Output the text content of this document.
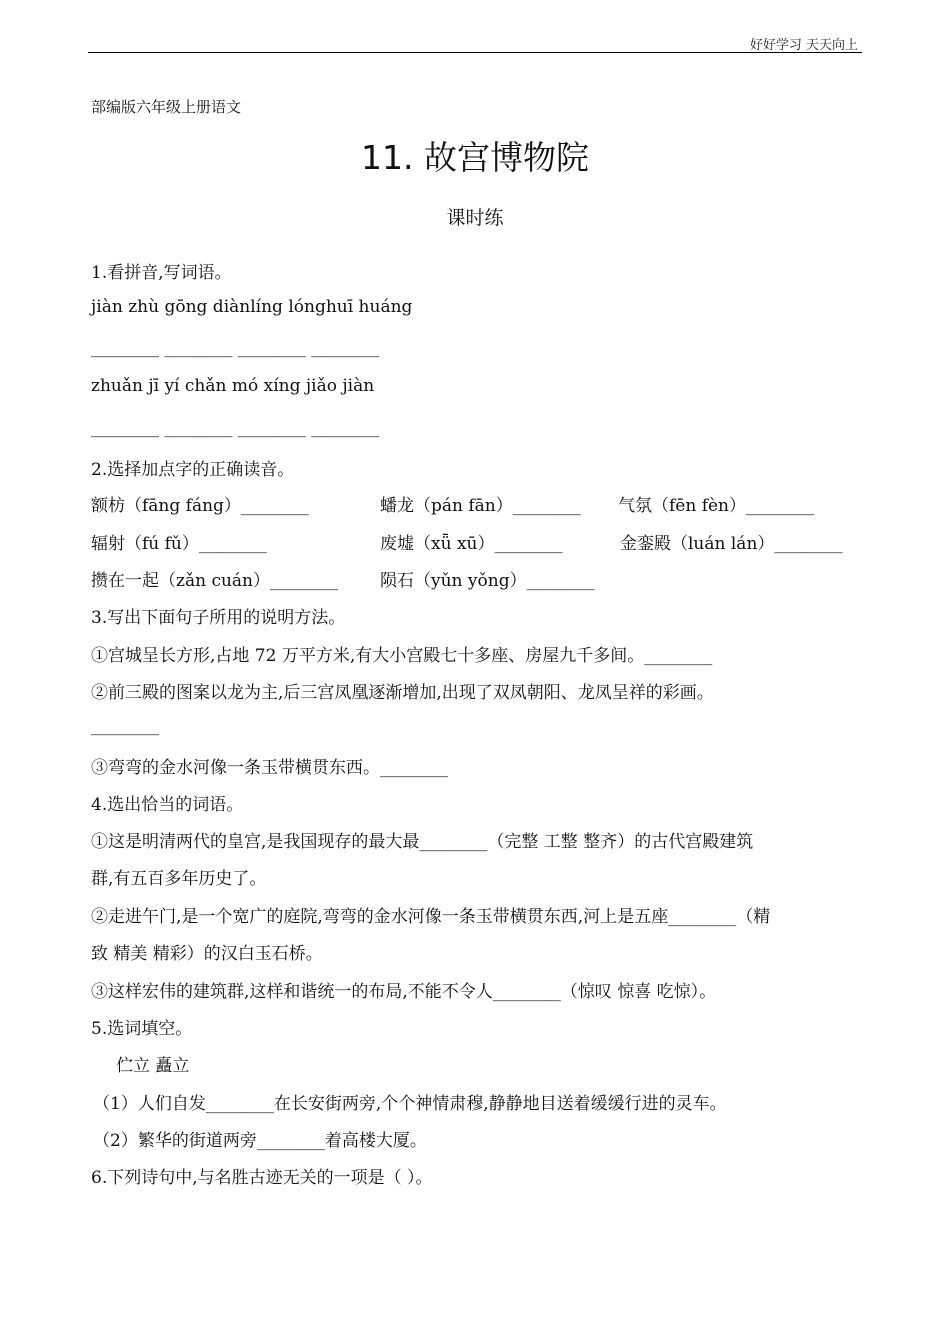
好好学习 天天向上
部编版六年级上册语文
11. 故宫博物院
课时练
1.看拼音,写词语。
jiàn zhù gōng diànlíng lónghuī huáng
________ ________ ________ ________
zhuǎn jī yí chǎn mó xíng jiǎo jiàn
________ ________ ________ ________
2.选择加点字的正确读音。
额枋（fāng fáng）________	蟠龙（pán fān）________ 气氛（fēn fèn）________
辐射（fú fǔ）________	废墟（xǖ xū）________	金銮殿（luán lán）________
攒在一起（zǎn cuán）________ 陨石（yǔn yǒng）________
3.写出下面句子所用的说明方法。
①宫城呈长方形,占地 72 万平方米,有大小宫殿七十多座、房屋九千多间。________
②前三殿的图案以龙为主,后三宫凤凰逐渐增加,出现了双凤朝阳、龙凤呈祥的彩画。
________
③弯弯的金水河像一条玉带横贯东西。________
4.选出恰当的词语。
①这是明清两代的皇宫,是我国现存的最大最________（完整 工整 整齐）的古代宫殿建筑
群,有五百多年历史了。
②走进午门,是一个宽广的庭院,弯弯的金水河像一条玉带横贯东西,河上是五座________（精
致 精美 精彩）的汉白玉石桥。
③这样宏伟的建筑群,这样和谐统一的布局,不能不令人________（惊叹 惊喜 吃惊）。
5.选词填空。
伫立 矗立
（1）人们自发________在长安街两旁,个个神情肃穆,静静地目送着缓缓行进的灵车。
（2）繁华的街道两旁________着高楼大厦。
6.下列诗句中,与名胜古迹无关的一项是（ ）。
